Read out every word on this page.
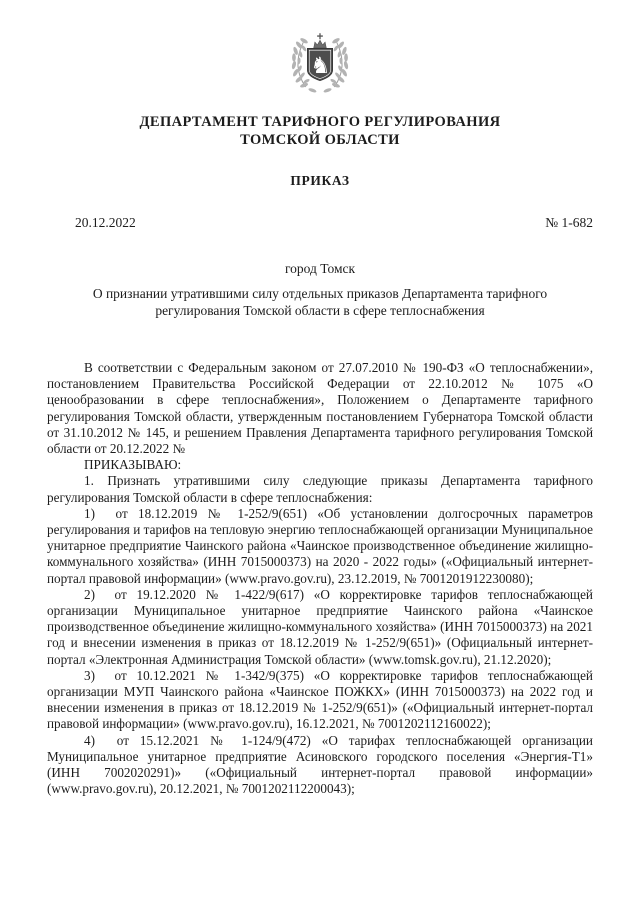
♞
ДЕПАРТАМЕНТ ТАРИФНОГО РЕГУЛИРОВАНИЯ
ТОМСКОЙ ОБЛАСТИ
ПРИКАЗ
20.12.2022	№ 1-682
город Томск
О признании утратившими силу отдельных приказов Департамента тарифного регулирования Томской области в сфере теплоснабжения

В соответствии с Федеральным законом от 27.07.2010 № 190-ФЗ «О теплоснабжении», постановлением Правительства Российской Федерации от 22.10.2012 № 1075 «О ценообразовании в сфере теплоснабжения», Положением о Департаменте тарифного регулирования Томской области, утвержденным постановлением Губернатора Томской области от 31.10.2012 № 145, и решением Правления Департамента тарифного регулирования Томской области от 20.12.2022 №

ПРИКАЗЫВАЮ:

1. Признать утратившими силу следующие приказы Департамента тарифного регулирования Томской области в сфере теплоснабжения:

1)  от 18.12.2019 № 1-252/9(651) «Об установлении долгосрочных параметров регулирования и тарифов на тепловую энергию теплоснабжающей организации Муниципальное унитарное предприятие Чаинского района «Чаинское производственное объединение жилищно-коммунального хозяйства» (ИНН 7015000373) на 2020 - 2022 годы» («Официальный интернет-портал правовой информации» (www.pravo.gov.ru), 23.12.2019, № 7001201912230080);

2)  от 19.12.2020 № 1-422/9(617) «О корректировке тарифов теплоснабжающей организации Муниципальное унитарное предприятие Чаинского района «Чаинское производственное объединение жилищно-коммунального хозяйства» (ИНН 7015000373) на 2021 год и внесении изменения в приказ от 18.12.2019 № 1-252/9(651)» (Официальный интернет-портал «Электронная Администрация Томской области» (www.tomsk.gov.ru), 21.12.2020);

3)  от 10.12.2021 № 1-342/9(375) «О корректировке тарифов теплоснабжающей организации МУП Чаинского района «Чаинское ПОЖКХ» (ИНН 7015000373) на 2022 год и внесении изменения в приказ от 18.12.2019 № 1-252/9(651)» («Официальный интернет-портал правовой информации» (www.pravo.gov.ru), 16.12.2021, № 7001202112160022);

4)  от 15.12.2021 № 1-124/9(472) «О тарифах теплоснабжающей организации Муниципальное унитарное предприятие Асиновского городского поселения «Энергия-Т1» (ИНН 7002020291)» («Официальный интернет-портал правовой информации» (www.pravo.gov.ru), 20.12.2021, № 7001202112200043);
